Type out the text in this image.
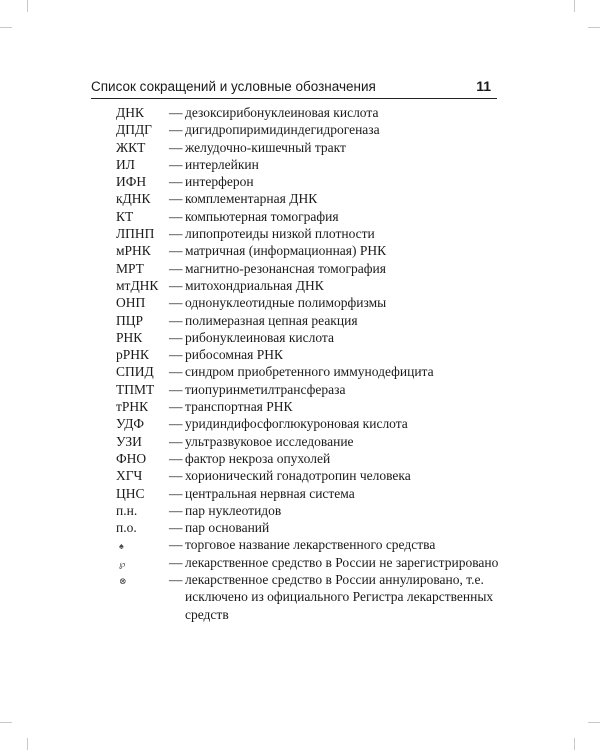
Список сокращений и условные обозначения	11
ДНК	— дезоксирибонуклеиновая кислота
ДПДГ	— дигидропиримидиндегидрогеназа
ЖКТ	— желудочно-кишечный тракт
ИЛ	— интерлейкин
ИФН	— интерферон
кДНК	— комплементарная ДНК
КТ	— компьютерная томография
ЛПНП	— липопротеиды низкой плотности
мРНК	— матричная (информационная) РНК
МРТ	— магнитно-резонансная томография
мтДНК — митохондриальная ДНК
ОНП	— однонуклеотидные полиморфизмы
ПЦР	— полимеразная цепная реакция
РНК	— рибонуклеиновая кислота
рРНК	— рибосомная РНК
СПИД	— синдром приобретенного иммунодефицита
ТПМТ	— тиопуринметилтрансфераза
тРНК	— транспортная РНК
УДФ	— уридиндифосфоглюкуроновая кислота
УЗИ	— ультразвуковое исследование
ФНО	— фактор некроза опухолей
ХГЧ	— хорионический гонадотропин человека
ЦНС	— центральная нервная система
п.н.	— пар нуклеотидов
п.о.	— пар оснований
♠	— торговое название лекарственного средства
℘	— лекарственное средство в России не зарегистрировано
⊗	— лекарственное средство в России аннулировано, т.е.
исключено из официального Регистра лекарственных
средств
